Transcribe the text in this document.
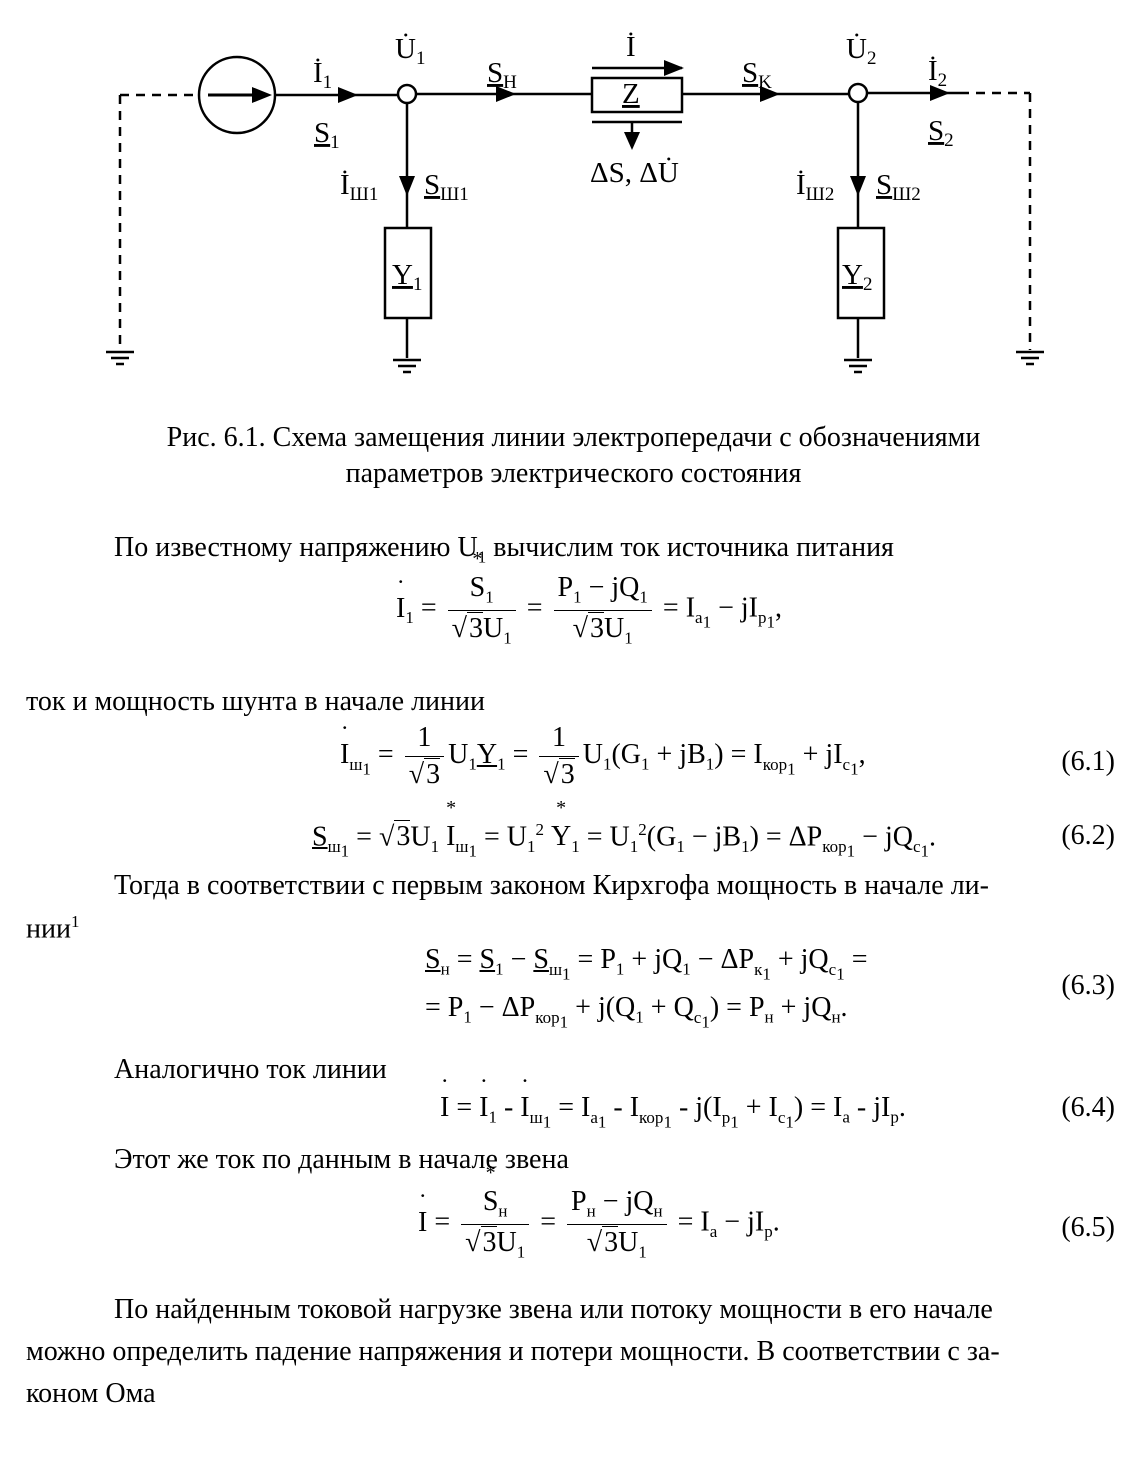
$İ_1$
$S_1$
$U̇_1$ $S_H$
İ
Z
ΔS, ΔU̇
$S_K$
$U̇_2$ $İ_2$
$S_2$
$İ_{Ш1}$ $S_{Ш1}$	$İ_{Ш2}$ $S_{Ш2}$
$Y_1$	$Y_2$
Рис. 6.1. Схема замещения линии электропередачи с обозначениями
параметров электрического состояния
По известному напряжению $U_1$ вычислим ток источника питания
˙ $I_1$ = * $\frac{S_1}{√3U_1} = \frac{P_1 - jQ_1}{√3U_1} = I_{a_1} - jI_{p_1}$,
ток и мощность шунта в начале линии
˙ $I_{ш_1} = \frac{1}{√3} U_1Y_1 = \frac{1}{√3} U_1(G_1 + jB_1) = I_{кор_1} + jI_{c_1}$,	(6.1)
$S_{ш_1} = √3U_1 * I_{ш_1} = U_1^2 * Y_1 = U_1^2(G_1 - jB_1) = \Delta P_{кор_1} - jQ_{c_1}$.	(6.2)
Тогда в соответствии с первым законом Кирхгофа мощность в начале ли-
нии$^1$
$S_н = S_1 - S_{ш_1} = P_1 + jQ_1 - \Delta P_{к_1} + jQ_{c_1}$ =
= $P_1 - \Delta P_{кор_1} + j(Q_1 + Q_{c_1}) = P_н + jQ_н$.
(6.3)
Аналогично ток линии
˙ I = ˙ $I_1$ - ˙ $I_{ш_1} = I_{a_1} - I_{кор_1} - j(I_{p_1} + I_{c_1}) = I_a - jI_p$.	(6.4)
Этот же ток по данным в начале звена
˙ I = * $\frac{S_н}{√3U_1} = \frac{P_н - jQ_н}{√3U_1} = I_a - jI_p$.	(6.5)
По найденным токовой нагрузке звена или потоку мощности в его начале
можно определить падение напряжения и потери мощности. В соответствии с за-
коном Ома
